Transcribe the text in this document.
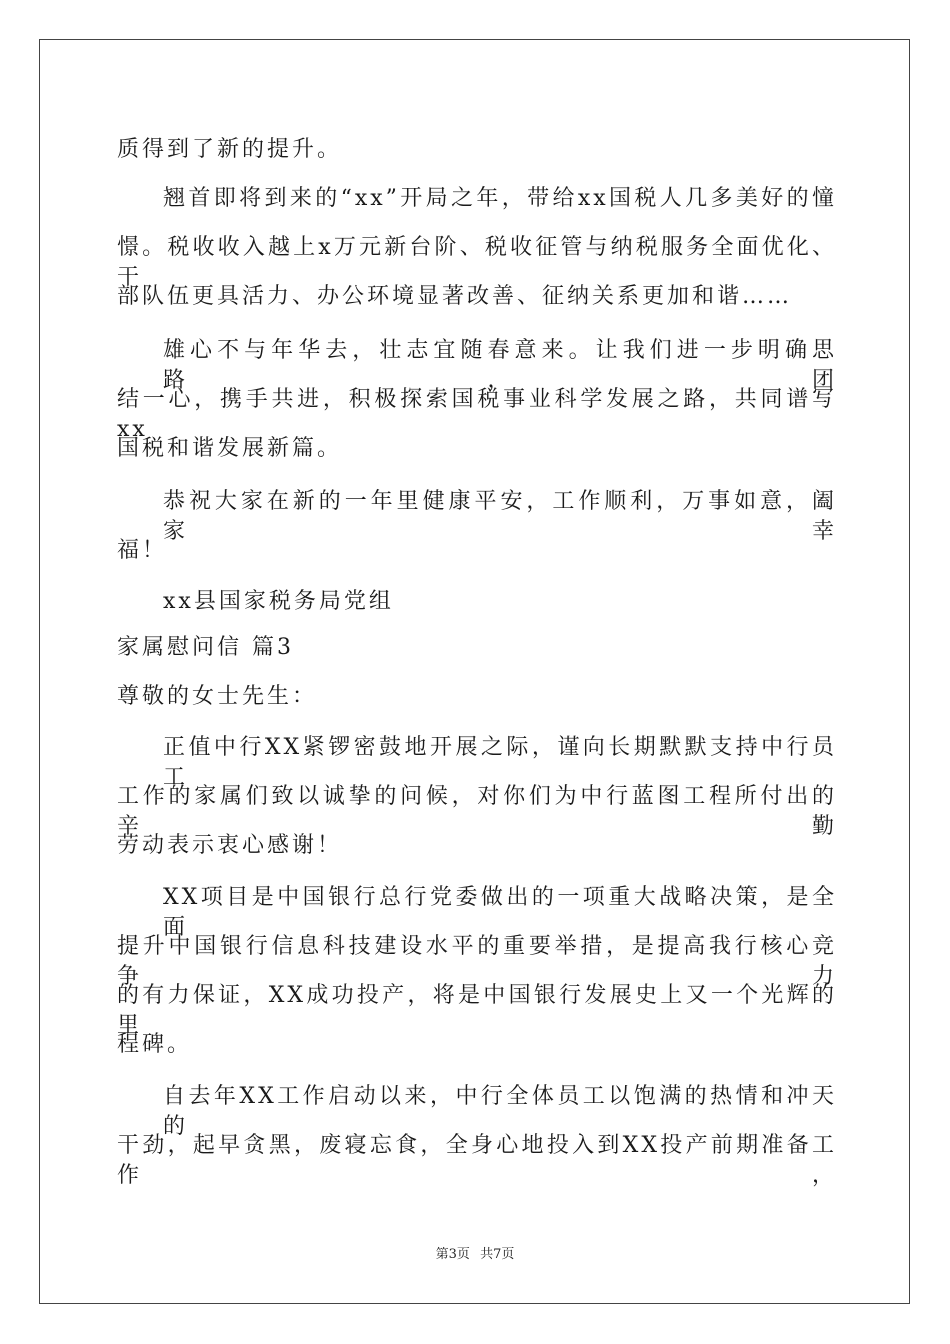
质得到了新的提升。
翘首即将到来的“xx”开局之年，带给xx国税人几多美好的憧
憬。税收收入越上x万元新台阶、税收征管与纳税服务全面优化、干
部队伍更具活力、办公环境显著改善、征纳关系更加和谐……
雄心不与年华去，壮志宜随春意来。让我们进一步明确思路，团
结一心，携手共进，积极探索国税事业科学发展之路，共同谱写xx
国税和谐发展新篇。
恭祝大家在新的一年里健康平安，工作顺利，万事如意，阖家幸
福！
xx县国家税务局党组
家属慰问信 篇3
尊敬的女士先生：
正值中行XX紧锣密鼓地开展之际，谨向长期默默支持中行员工
工作的家属们致以诚挚的问候，对你们为中行蓝图工程所付出的辛勤
劳动表示衷心感谢！
XX项目是中国银行总行党委做出的一项重大战略决策，是全面
提升中国银行信息科技建设水平的重要举措，是提高我行核心竞争力
的有力保证，XX成功投产，将是中国银行发展史上又一个光辉的里
程碑。
自去年XX工作启动以来，中行全体员工以饱满的热情和冲天的
干劲，起早贪黑，废寝忘食，全身心地投入到XX投产前期准备工作，
第3页 共7页
